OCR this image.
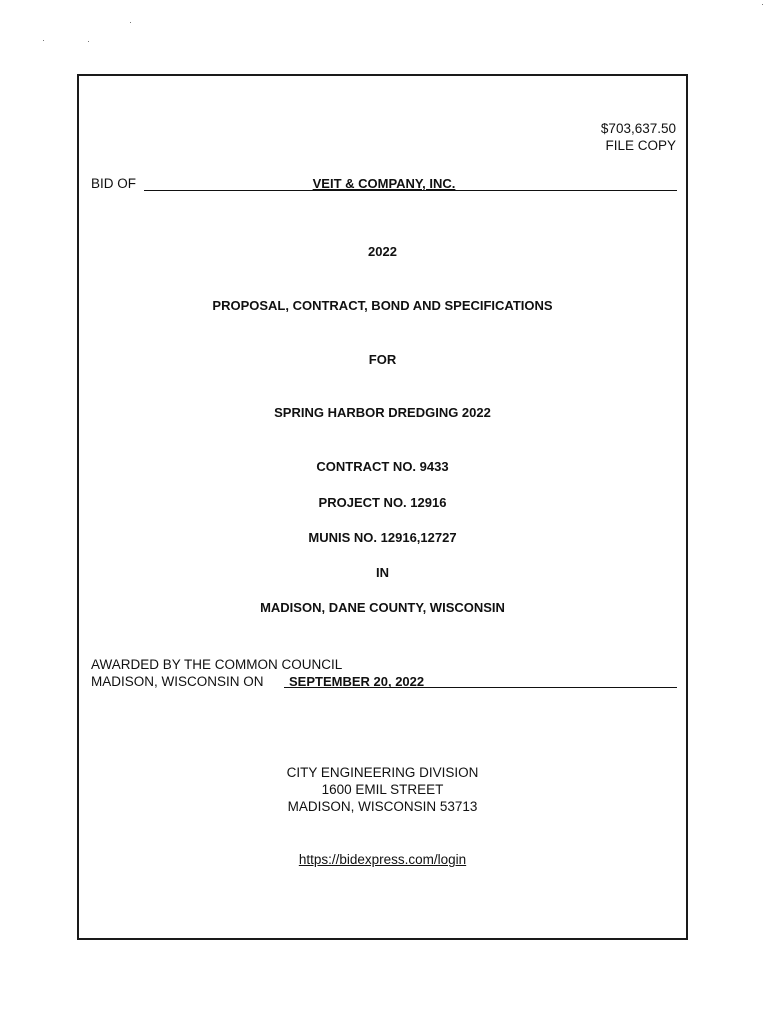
$703,637.50
FILE COPY
BID OF	VEIT & COMPANY, INC.
2022
PROPOSAL, CONTRACT, BOND AND SPECIFICATIONS
FOR
SPRING HARBOR DREDGING 2022
CONTRACT NO. 9433
PROJECT NO. 12916
MUNIS NO. 12916,12727
IN
MADISON, DANE COUNTY, WISCONSIN
AWARDED BY THE COMMON COUNCIL
MADISON, WISCONSIN ON SEPTEMBER 20, 2022
CITY ENGINEERING DIVISION
1600 EMIL STREET
MADISON, WISCONSIN 53713
https://bidexpress.com/login
